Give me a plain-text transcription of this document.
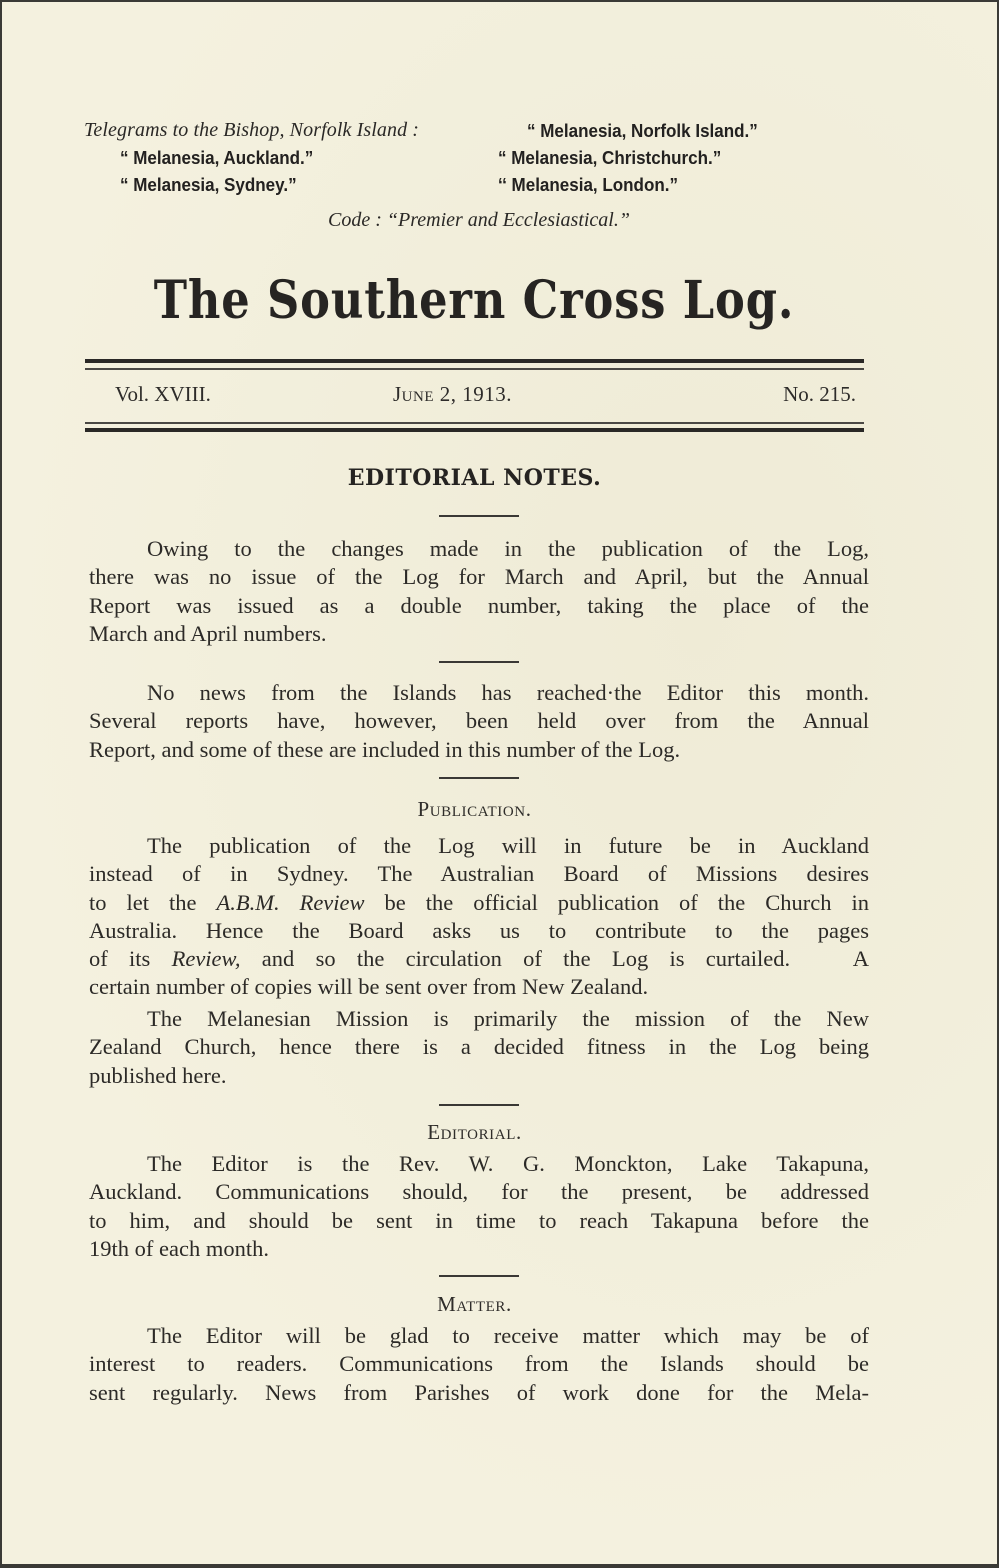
Telegrams to the Bishop, Norfolk Island :	“ Melanesia, Norfolk Island.”
“ Melanesia, Auckland.”	“ Melanesia, Christchurch.”
“ Melanesia, Sydney.”	‘‘ Melanesia, London.”
Code : “Premier and Ecclesiastical.”
The Southern Cross Log.
Vol. XVIII.	June 2, 1913.	No. 215.
EDITORIAL NOTES.
Owing to the changes made in the publication of the Log,
there was no issue of the Log for March and April, but the Annual
Report was issued as a double number, taking the place of the
March and April numbers.
No news from the Islands has reached·the Editor this month.
Several reports have, however, been held over from the Annual
Report, and some of these are included in this number of the Log.
Publication.
The publication of the Log will in future be in Auckland
instead of in Sydney. The Australian Board of Missions desires
to let the A.B.M. Review be the official publication of the Church in
Australia. Hence the Board asks us to contribute to the pages
of its Review, and so the circulation of the Log is curtailed.   A
certain number of copies will be sent over from New Zealand.
The Melanesian Mission is primarily the mission of the New
Zealand Church, hence there is a decided fitness in the Log being
published here.
Editorial.
The Editor is the Rev. W. G. Monckton, Lake Takapuna,
Auckland. Communications should, for the present, be addressed
to him, and should be sent in time to reach Takapuna before the
19th of each month.
Matter.
The Editor will be glad to receive matter which may be of
interest to readers. Communications from the Islands should be
sent regularly. News from Parishes of work done for the Mela-
